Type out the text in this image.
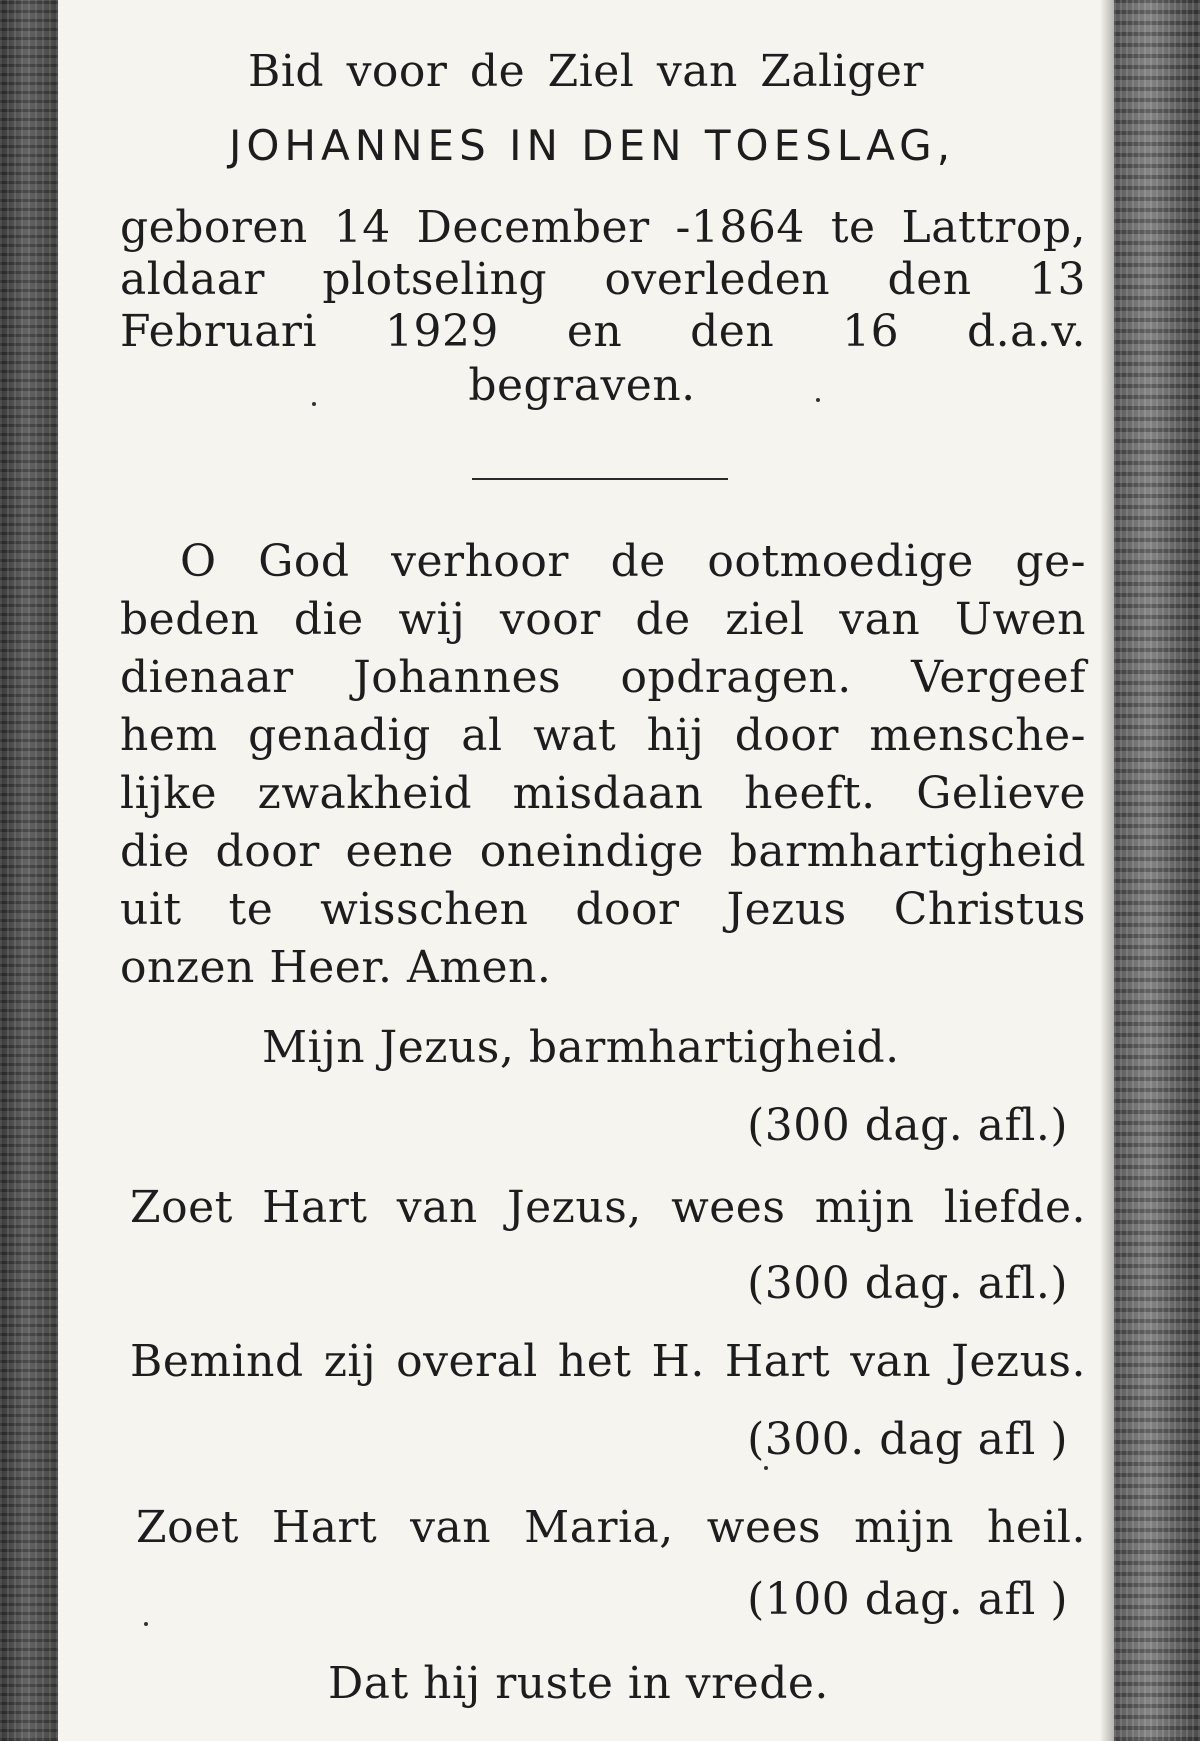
Bid voor de Ziel van Zaliger
JOHANNES IN DEN TOESLAG,
geboren 14 December -1864 te Lattrop,
aldaar plotseling overleden den 13
Februari 1929 en den 16 d.a.v.
begraven.
O God verhoor de ootmoedige ge-
beden die wij voor de ziel van Uwen
dienaar Johannes opdragen. Vergeef
hem genadig al wat hij door mensche-
lijke zwakheid misdaan heeft. Gelieve
die door eene oneindige barmhartigheid
uit te wisschen door Jezus Christus
onzen Heer. Amen.
Mijn Jezus, barmhartigheid.
(300 dag. afl.)
Zoet Hart van Jezus, wees mijn liefde.
(300 dag. afl.)
Bemind zij overal het H. Hart van Jezus.
(300. dag afl )
Zoet Hart van Maria, wees mijn heil.
(100 dag. afl )
Dat hij ruste in vrede.
